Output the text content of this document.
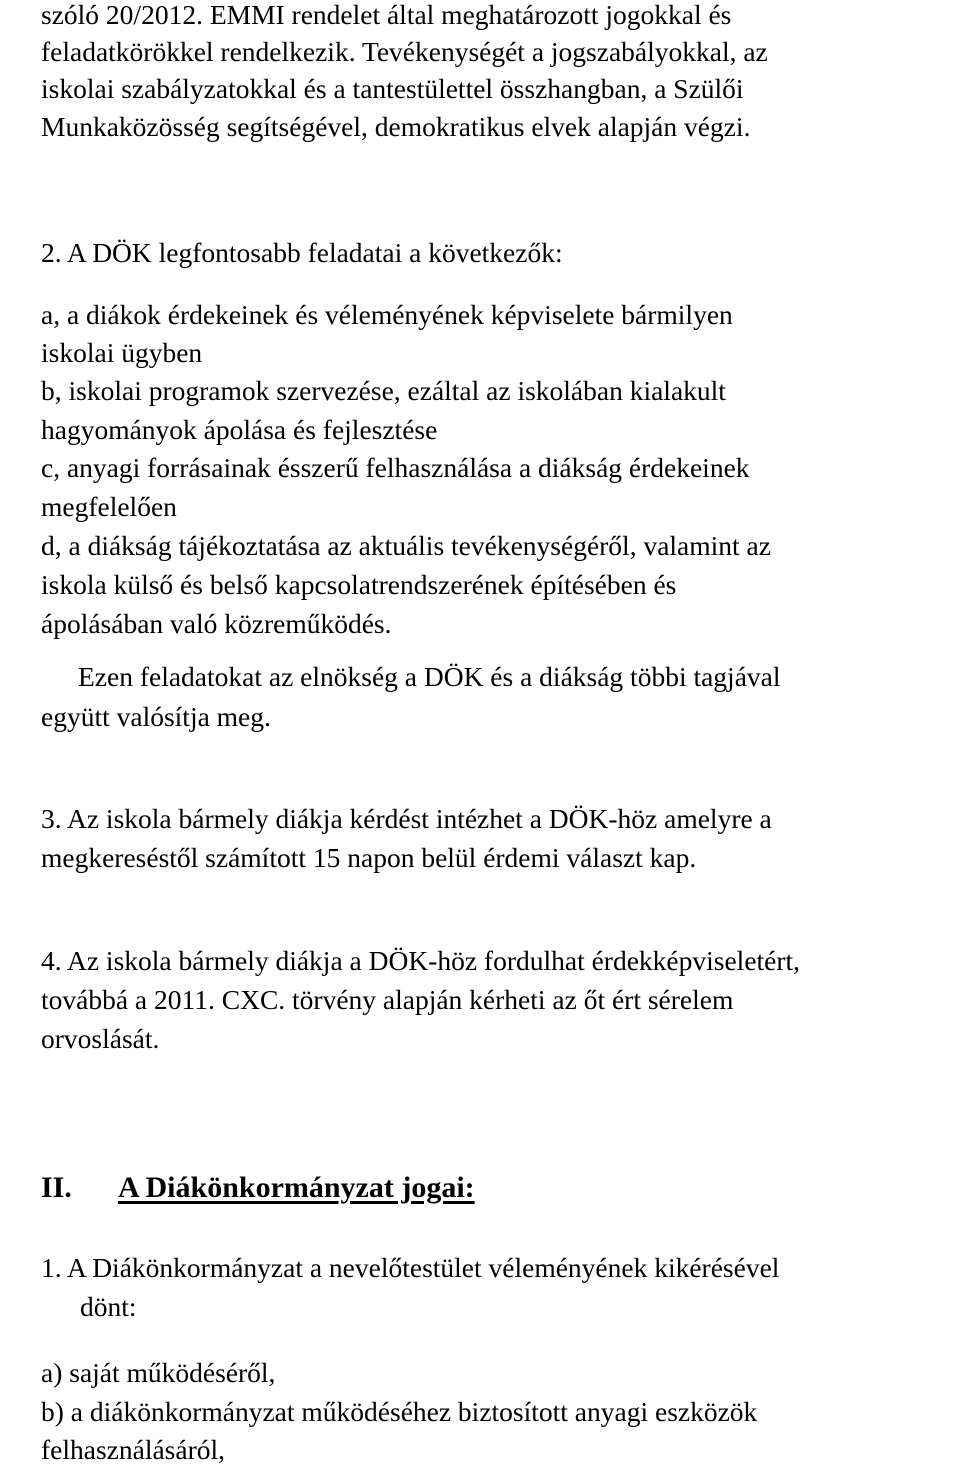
szóló 20/2012. EMMI rendelet által meghatározott jogokkal és
feladatkörökkel rendelkezik. Tevékenységét a jogszabályokkal, az
iskolai szabályzatokkal és a tantestülettel összhangban, a Szülői
Munkaközösség segítségével, demokratikus elvek alapján végzi.
2. A DÖK legfontosabb feladatai a következők:
a, a diákok érdekeinek és véleményének képviselete bármilyen
iskolai ügyben
b, iskolai programok szervezése, ezáltal az iskolában kialakult
hagyományok ápolása és fejlesztése
c, anyagi forrásainak ésszerű felhasználása a diákság érdekeinek
megfelelően
d, a diákság tájékoztatása az aktuális tevékenységéről, valamint az
iskola külső és belső kapcsolatrendszerének építésében és
ápolásában való közreműködés.
Ezen feladatokat az elnökség a DÖK és a diákság többi tagjával
együtt valósítja meg.
3. Az iskola bármely diákja kérdést intézhet a DÖK-höz amelyre a
megkereséstől számított 15 napon belül érdemi választ kap.
4. Az iskola bármely diákja a DÖK-höz fordulhat érdekképviseletért,
továbbá a 2011. CXC. törvény alapján kérheti az őt ért sérelem
orvoslását.
II. A Diákönkormányzat jogai:
1. A Diákönkormányzat a nevelőtestület véleményének kikérésével
dönt:
a) saját működéséről,
b) a diákönkormányzat működéséhez biztosított anyagi eszközök
felhasználásáról,
